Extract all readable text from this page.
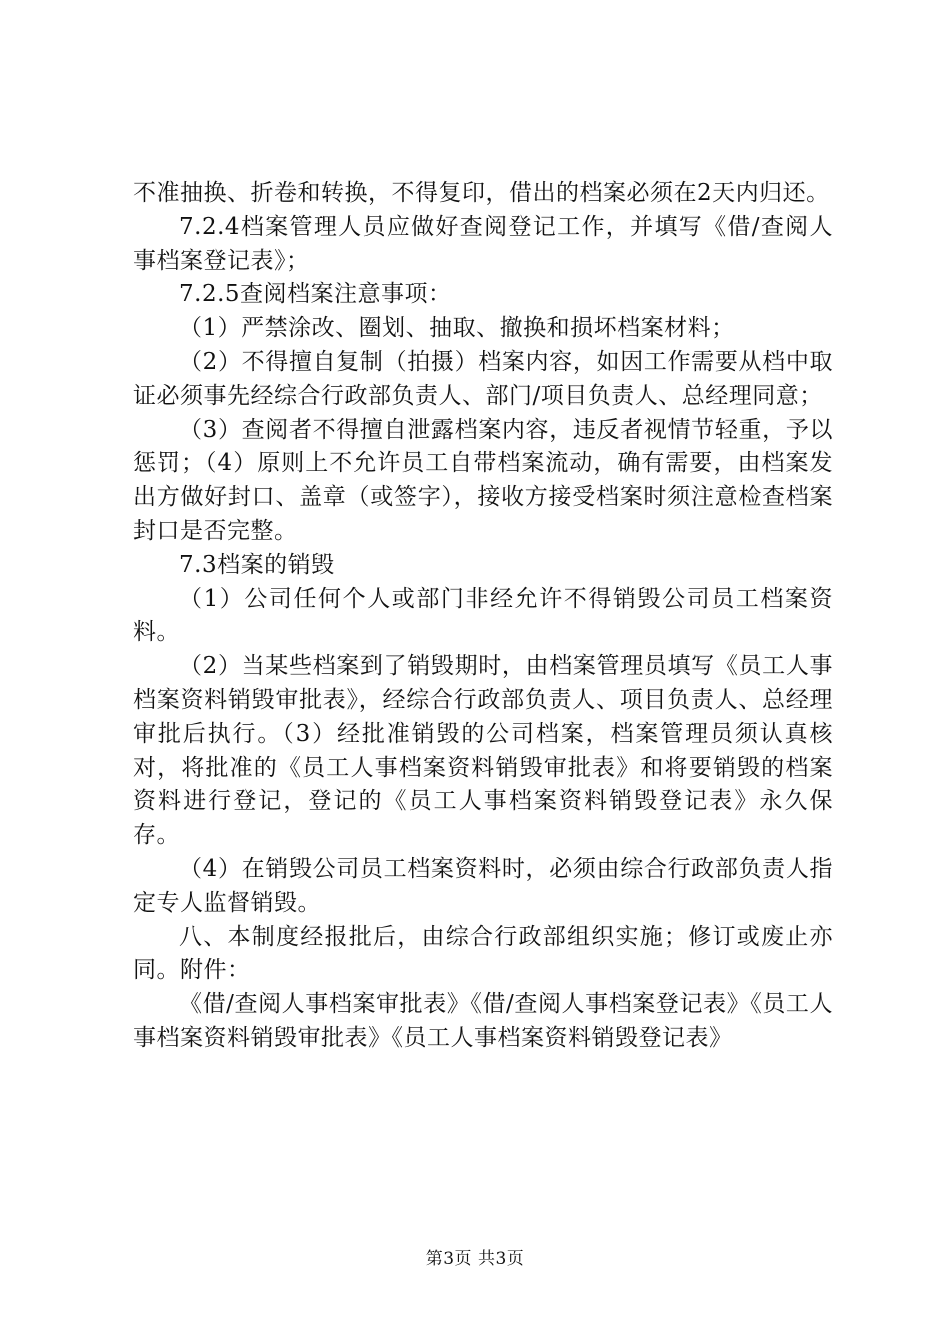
不准抽换、折卷和转换，不得复印，借出的档案必须在2天内归还。

7.2.4档案管理人员应做好查阅登记工作，并填写《借/查阅人事档案登记表》；

7.2.5查阅档案注意事项：

（1）严禁涂改、圈划、抽取、撤换和损坏档案材料；

（2）不得擅自复制（拍摄）档案内容，如因工作需要从档中取证必须事先经综合行政部负责人、部门/项目负责人、总经理同意；

（3）查阅者不得擅自泄露档案内容，违反者视情节轻重，予以惩罚；（4）原则上不允许员工自带档案流动，确有需要，由档案发出方做好封口、盖章（或签字），接收方接受档案时须注意检查档案封口是否完整。

7.3档案的销毁

（1）公司任何个人或部门非经允许不得销毁公司员工档案资料。

（2）当某些档案到了销毁期时，由档案管理员填写《员工人事档案资料销毁审批表》，经综合行政部负责人、项目负责人、总经理审批后执行。（3）经批准销毁的公司档案，档案管理员须认真核对，将批准的《员工人事档案资料销毁审批表》和将要销毁的档案资料进行登记，登记的《员工人事档案资料销毁登记表》永久保存。

（4）在销毁公司员工档案资料时，必须由综合行政部负责人指定专人监督销毁。

八、本制度经报批后，由综合行政部组织实施；修订或废止亦同。附件：

《借/查阅人事档案审批表》《借/查阅人事档案登记表》《员工人事档案资料销毁审批表》《员工人事档案资料销毁登记表》

第3页 共3页
